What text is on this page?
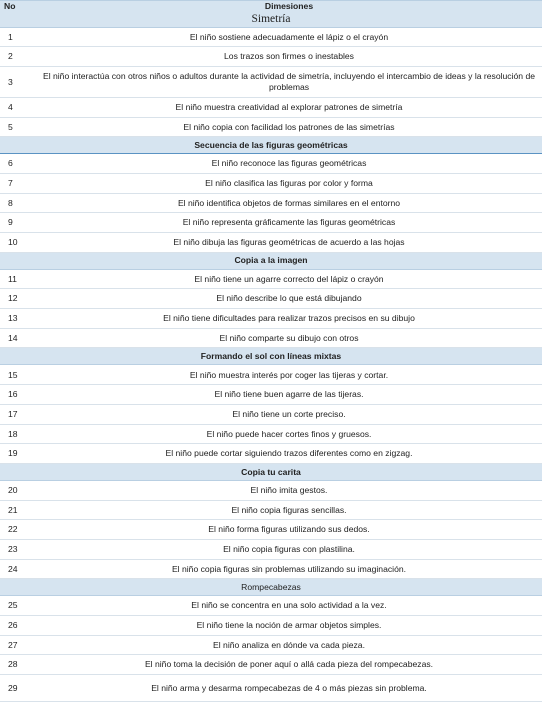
No	Dimesiones
Simetría	
1	El niño sostiene adecuadamente el lápiz o el crayón
2	Los trazos son firmes o inestables
3	El niño interactúa con otros niños o adultos durante la actividad de simetría, incluyendo el intercambio de ideas y la resolución de problemas
4	El niño muestra creatividad al explorar patrones de simetría
5	El niño copia con facilidad los patrones de las simetrías
Secuencia de las figuras geométricas	
6	El niño reconoce las figuras geométricas
7	El niño clasifica las figuras por color y forma
8	El niño identifica objetos de formas similares en el entorno
9	El niño representa gráficamente las figuras geométricas
10	El niño dibuja las figuras geométricas de acuerdo a las hojas
Copia a la imagen	
11	El niño tiene un agarre correcto del lápiz o crayón
12	El niño describe lo que está dibujando
13	El niño tiene dificultades para realizar trazos precisos en su dibujo
14	El niño comparte su dibujo con otros
Formando el sol con líneas mixtas	
15	El niño muestra interés por coger las tijeras y cortar.
16	El niño tiene buen agarre de las tijeras.
17	El niño tiene un corte preciso.
18	El niño puede hacer cortes finos y gruesos.
19	El niño puede cortar siguiendo trazos diferentes como en zigzag.
Copia tu carita	
20	El niño imita gestos.
21	El niño copia figuras sencillas.
22	El niño forma figuras utilizando sus dedos.
23	El niño copia figuras con plastilina.
24	El niño copia figuras sin problemas utilizando su imaginación.
Rompecabezas	
25	El niño se concentra en una solo actividad a la vez.
26	El niño tiene la noción de armar objetos simples.
27	El niño analiza en dónde va cada pieza.
28	El niño toma la decisión de poner aquí o allá cada pieza del rompecabezas.
29	El niño arma y desarma rompecabezas de 4 o más piezas sin problema.
